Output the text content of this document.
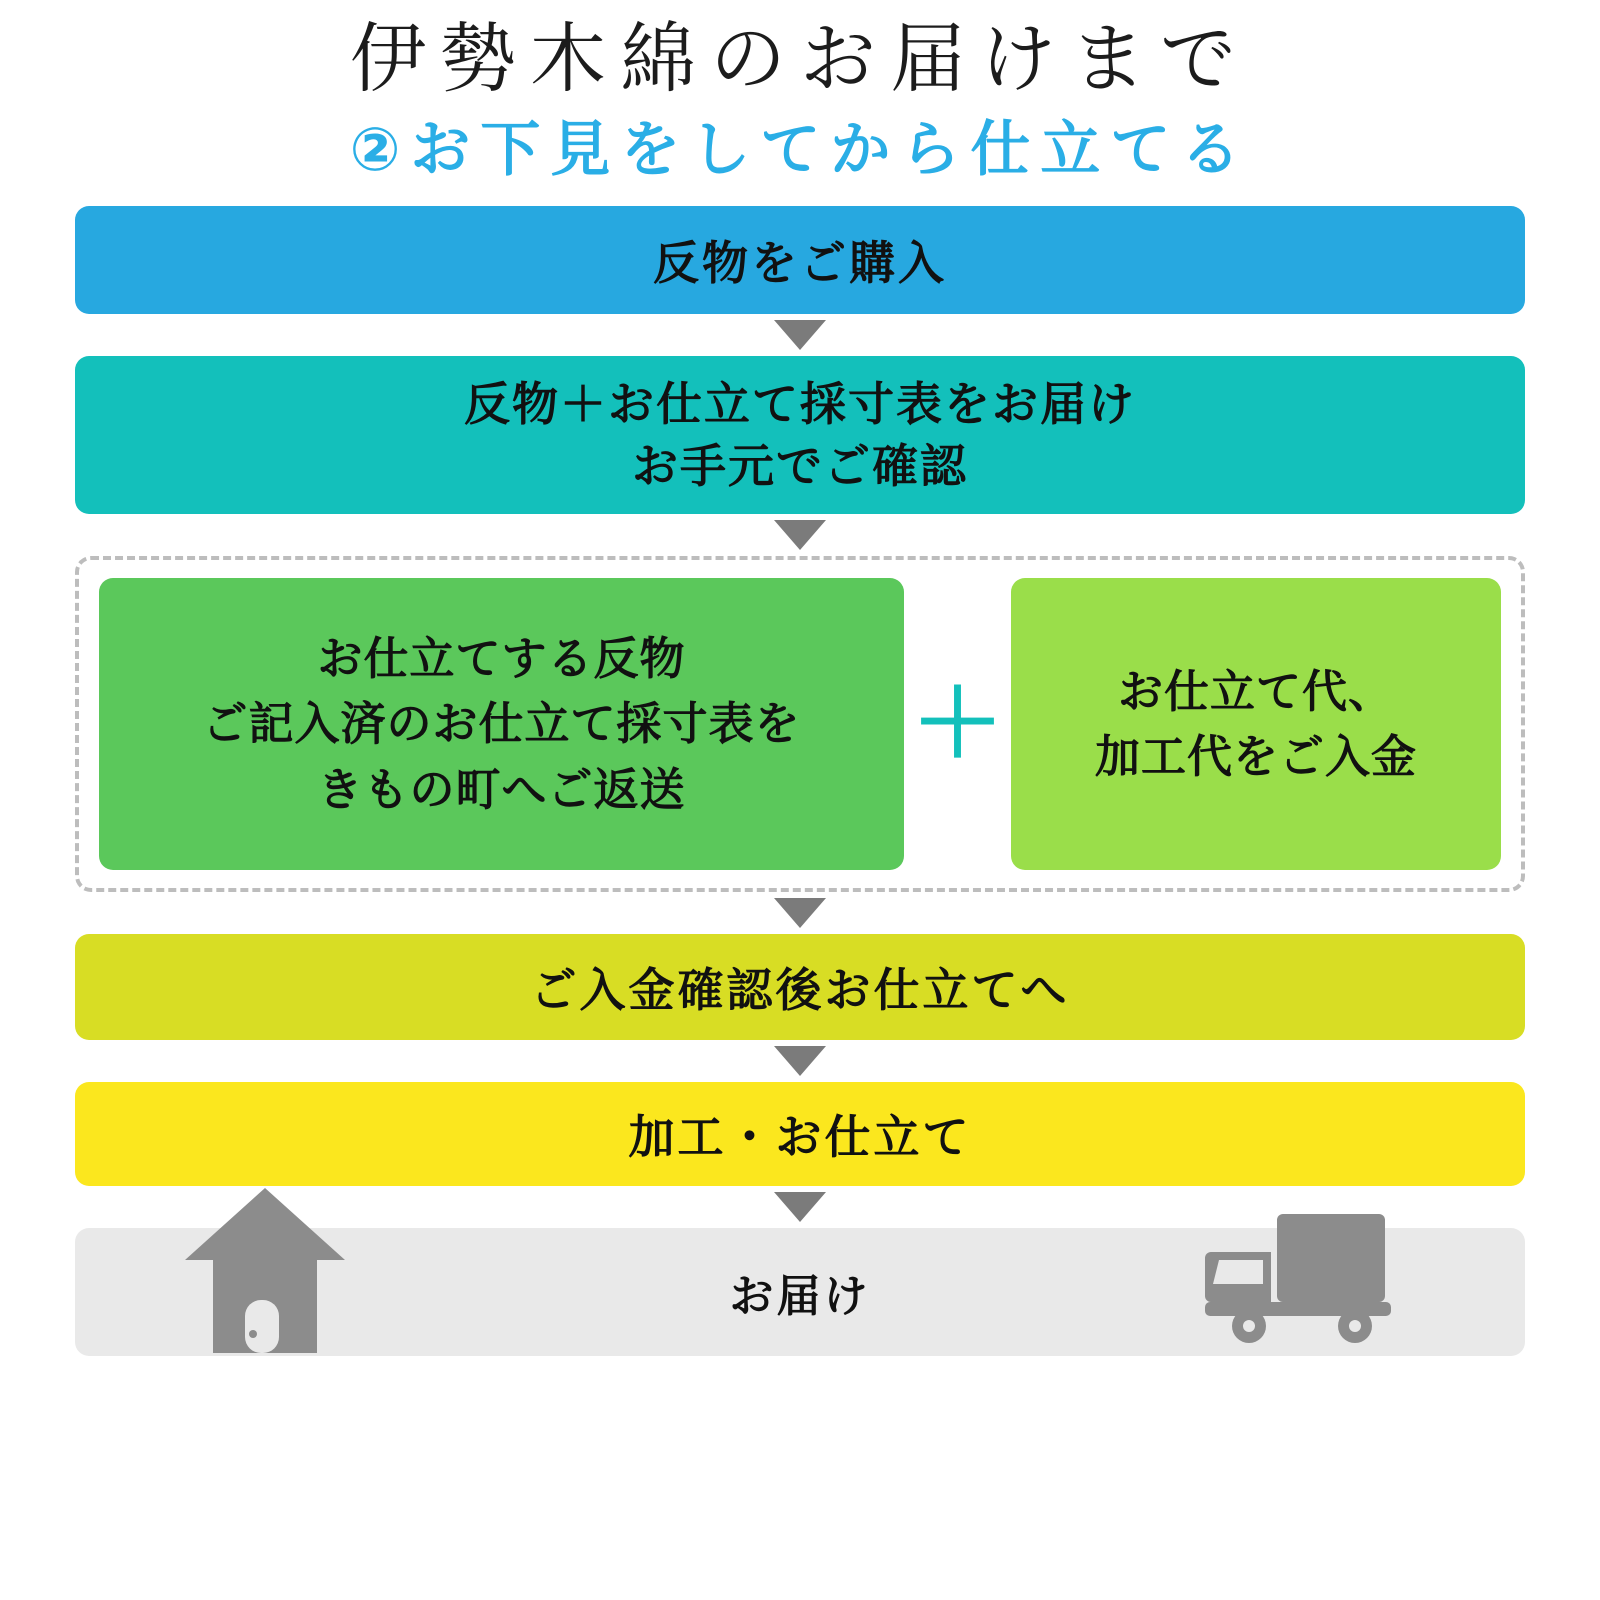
伊勢木綿のお届けまで
②お下見をしてから仕立てる
反物をご購入
反物＋お仕立て採寸表をお届け
お手元でご確認
お仕立てする反物
ご記入済のお仕立て採寸表を
きもの町へご返送
＋	お仕立て代、
加工代をご入金
ご入金確認後お仕立てへ
加工・お仕立て
お届け
